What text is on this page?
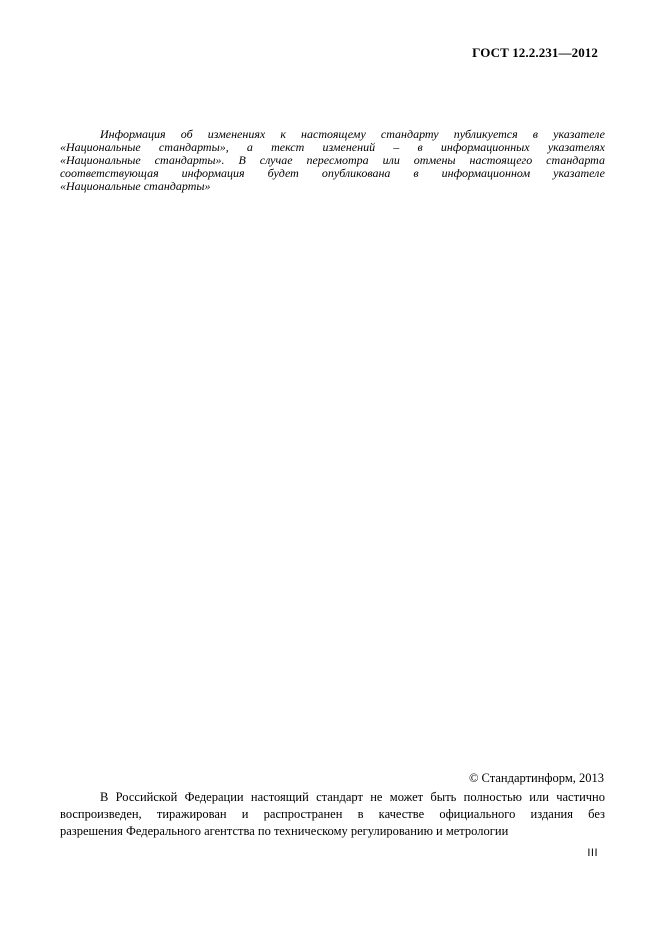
ГОСТ 12.2.231—2012
Информация об изменениях к настоящему стандарту публикуется в указателе
«Национальные стандарты», а текст изменений – в информационных указателях
«Национальные стандарты». В случае пересмотра или отмены настоящего стандарта
соответствующая информация будет опубликована в информационном указателе
«Национальные стандарты»
© Стандартинформ, 2013
В Российской Федерации настоящий стандарт не может быть полностью или частично
воспроизведен, тиражирован и распространен в качестве официального издания без
разрешения Федерального агентства по техническому регулированию и метрологии
III
